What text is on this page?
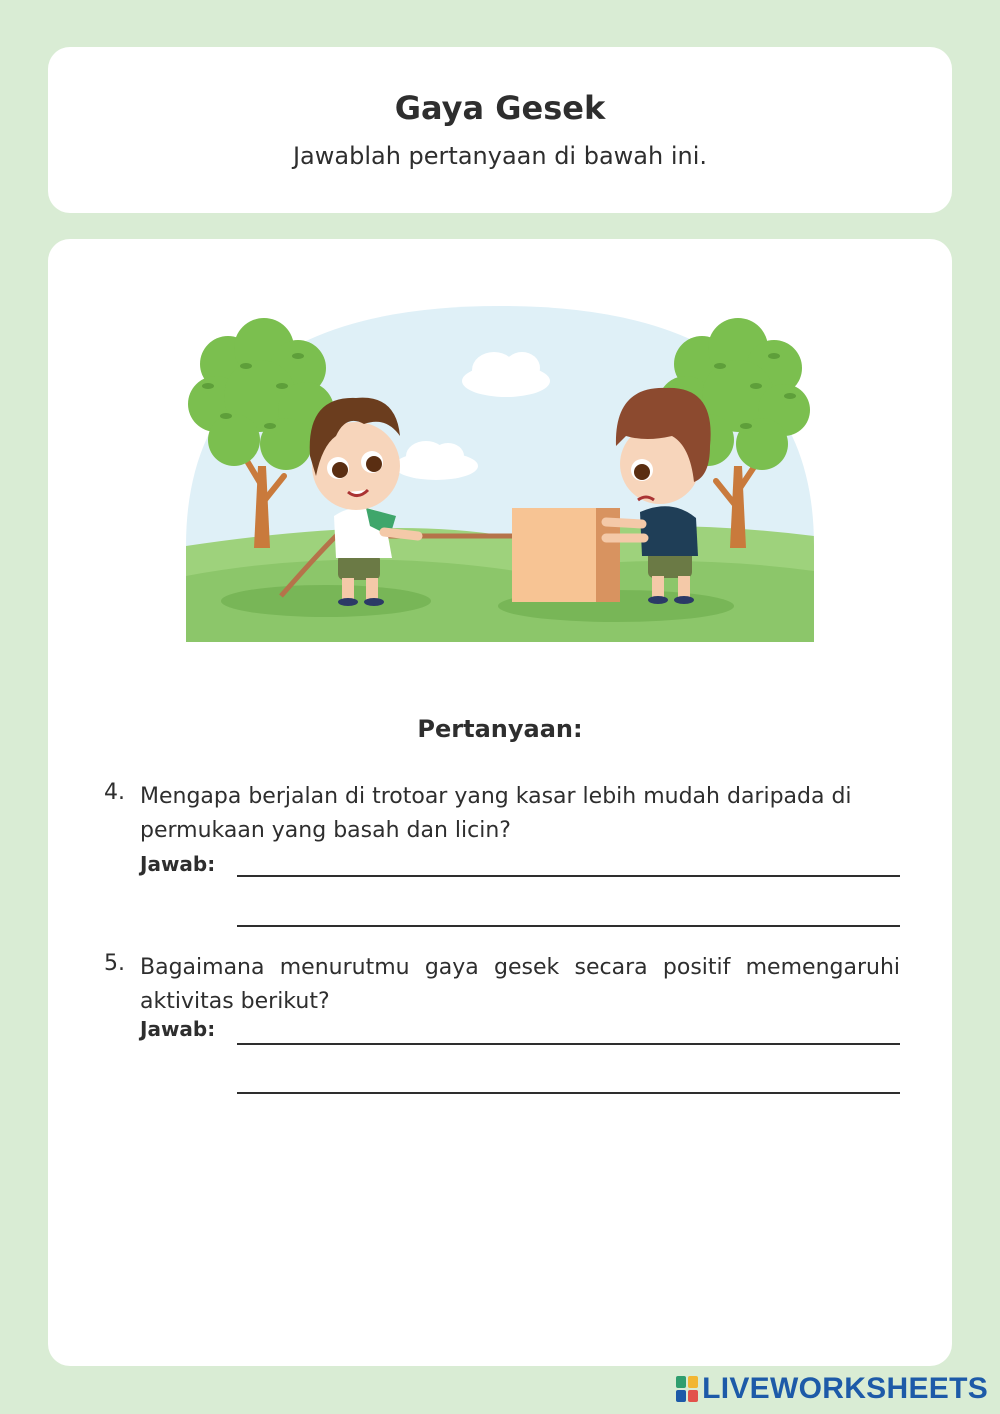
Gaya Gesek
Jawablah pertanyaan di bawah ini.
Pertanyaan:
4. Mengapa berjalan di trotoar yang kasar lebih mudah daripada di permukaan yang basah dan licin?
Jawab:
5. Bagaimana menurutmu gaya gesek secara positif memengaruhi aktivitas berikut?
Jawab:
LIVEWORKSHEETS
